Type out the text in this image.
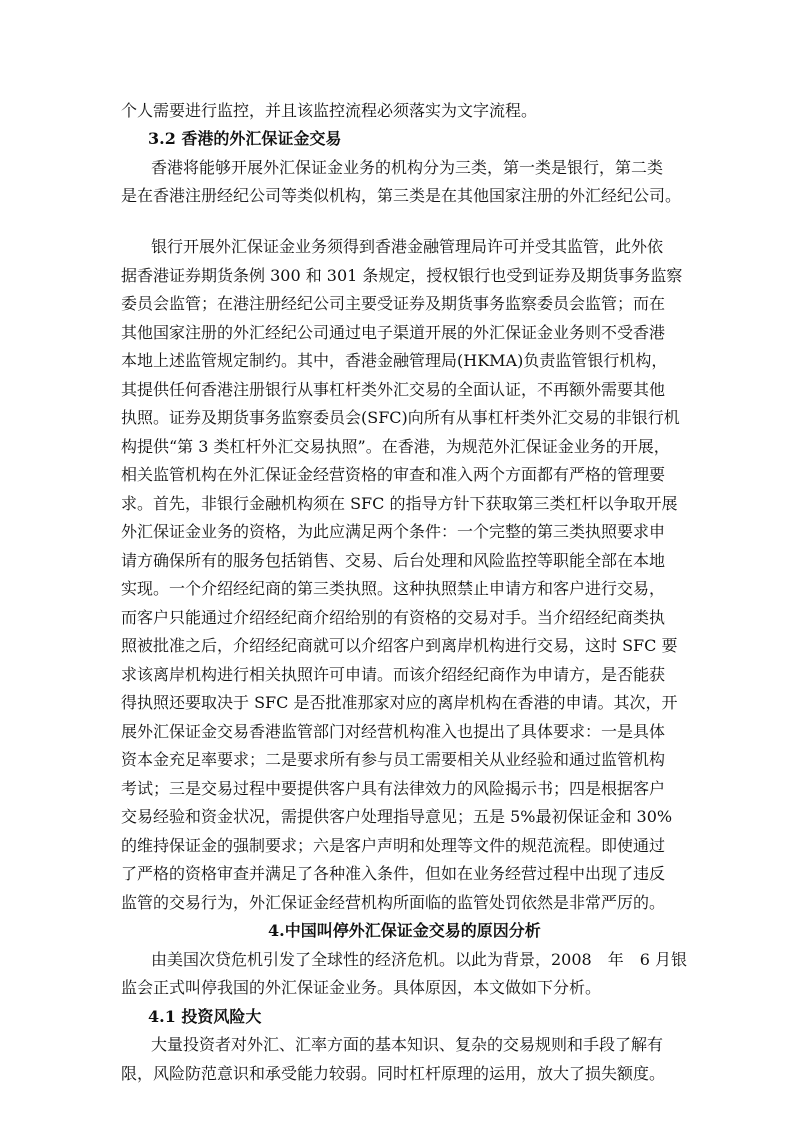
个人需要进行监控，并且该监控流程必须落实为文字流程。
3.2 香港的外汇保证金交易
香港将能够开展外汇保证金业务的机构分为三类，第一类是银行，第二类
是在香港注册经纪公司等类似机构，第三类是在其他国家注册的外汇经纪公司。
银行开展外汇保证金业务须得到香港金融管理局许可并受其监管，此外依
据香港证券期货条例 300 和 301 条规定，授权银行也受到证券及期货事务监察
委员会监管；在港注册经纪公司主要受证券及期货事务监察委员会监管；而在
其他国家注册的外汇经纪公司通过电子渠道开展的外汇保证金业务则不受香港
本地上述监管规定制约。其中，香港金融管理局(HKMA)负责监管银行机构，
其提供任何香港注册银行从事杠杆类外汇交易的全面认证，不再额外需要其他
执照。证券及期货事务监察委员会(SFC)向所有从事杠杆类外汇交易的非银行机
构提供“第 3 类杠杆外汇交易执照”。在香港，为规范外汇保证金业务的开展，
相关监管机构在外汇保证金经营资格的审查和准入两个方面都有严格的管理要
求。首先，非银行金融机构须在 SFC 的指导方针下获取第三类杠杆以争取开展
外汇保证金业务的资格，为此应满足两个条件：一个完整的第三类执照要求申
请方确保所有的服务包括销售、交易、后台处理和风险监控等职能全部在本地
实现。一个介绍经纪商的第三类执照。这种执照禁止申请方和客户进行交易，
而客户只能通过介绍经纪商介绍给别的有资格的交易对手。当介绍经纪商类执
照被批准之后，介绍经纪商就可以介绍客户到离岸机构进行交易，这时 SFC 要
求该离岸机构进行相关执照许可申请。而该介绍经纪商作为申请方，是否能获
得执照还要取决于 SFC 是否批准那家对应的离岸机构在香港的申请。其次，开
展外汇保证金交易香港监管部门对经营机构准入也提出了具体要求：一是具体
资本金充足率要求；二是要求所有参与员工需要相关从业经验和通过监管机构
考试；三是交易过程中要提供客户具有法律效力的风险揭示书；四是根据客户
交易经验和资金状况，需提供客户处理指导意见；五是 5%最初保证金和 30%
的维持保证金的强制要求；六是客户声明和处理等文件的规范流程。即使通过
了严格的资格审查并满足了各种准入条件，但如在业务经营过程中出现了违反
监管的交易行为，外汇保证金经营机构所面临的监管处罚依然是非常严厉的。
4.中国叫停外汇保证金交易的原因分析
由美国次贷危机引发了全球性的经济危机。以此为背景，2008　年　6 月银
监会正式叫停我国的外汇保证金业务。具体原因，本文做如下分析。
4.1 投资风险大
大量投资者对外汇、汇率方面的基本知识、复杂的交易规则和手段了解有
限，风险防范意识和承受能力较弱。同时杠杆原理的运用，放大了损失额度。
